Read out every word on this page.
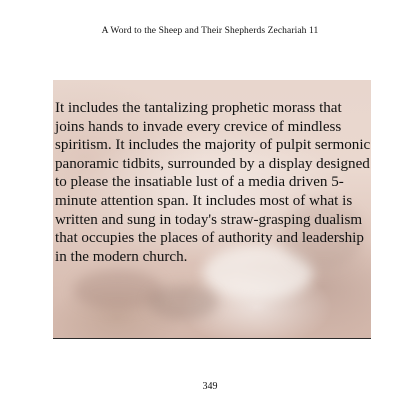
A Word to the Sheep and Their Shepherds Zechariah 11

It includes the tantalizing prophetic morass that joins hands to invade every crevice of mindless spiritism. It includes the majority of pulpit sermonic panoramic tidbits, surrounded by a display designed to please the insatiable lust of a media driven 5-minute attention span. It includes most of what is written and sung in today's straw-grasping dualism that occupies the places of authority and leadership in the modern church.

349
